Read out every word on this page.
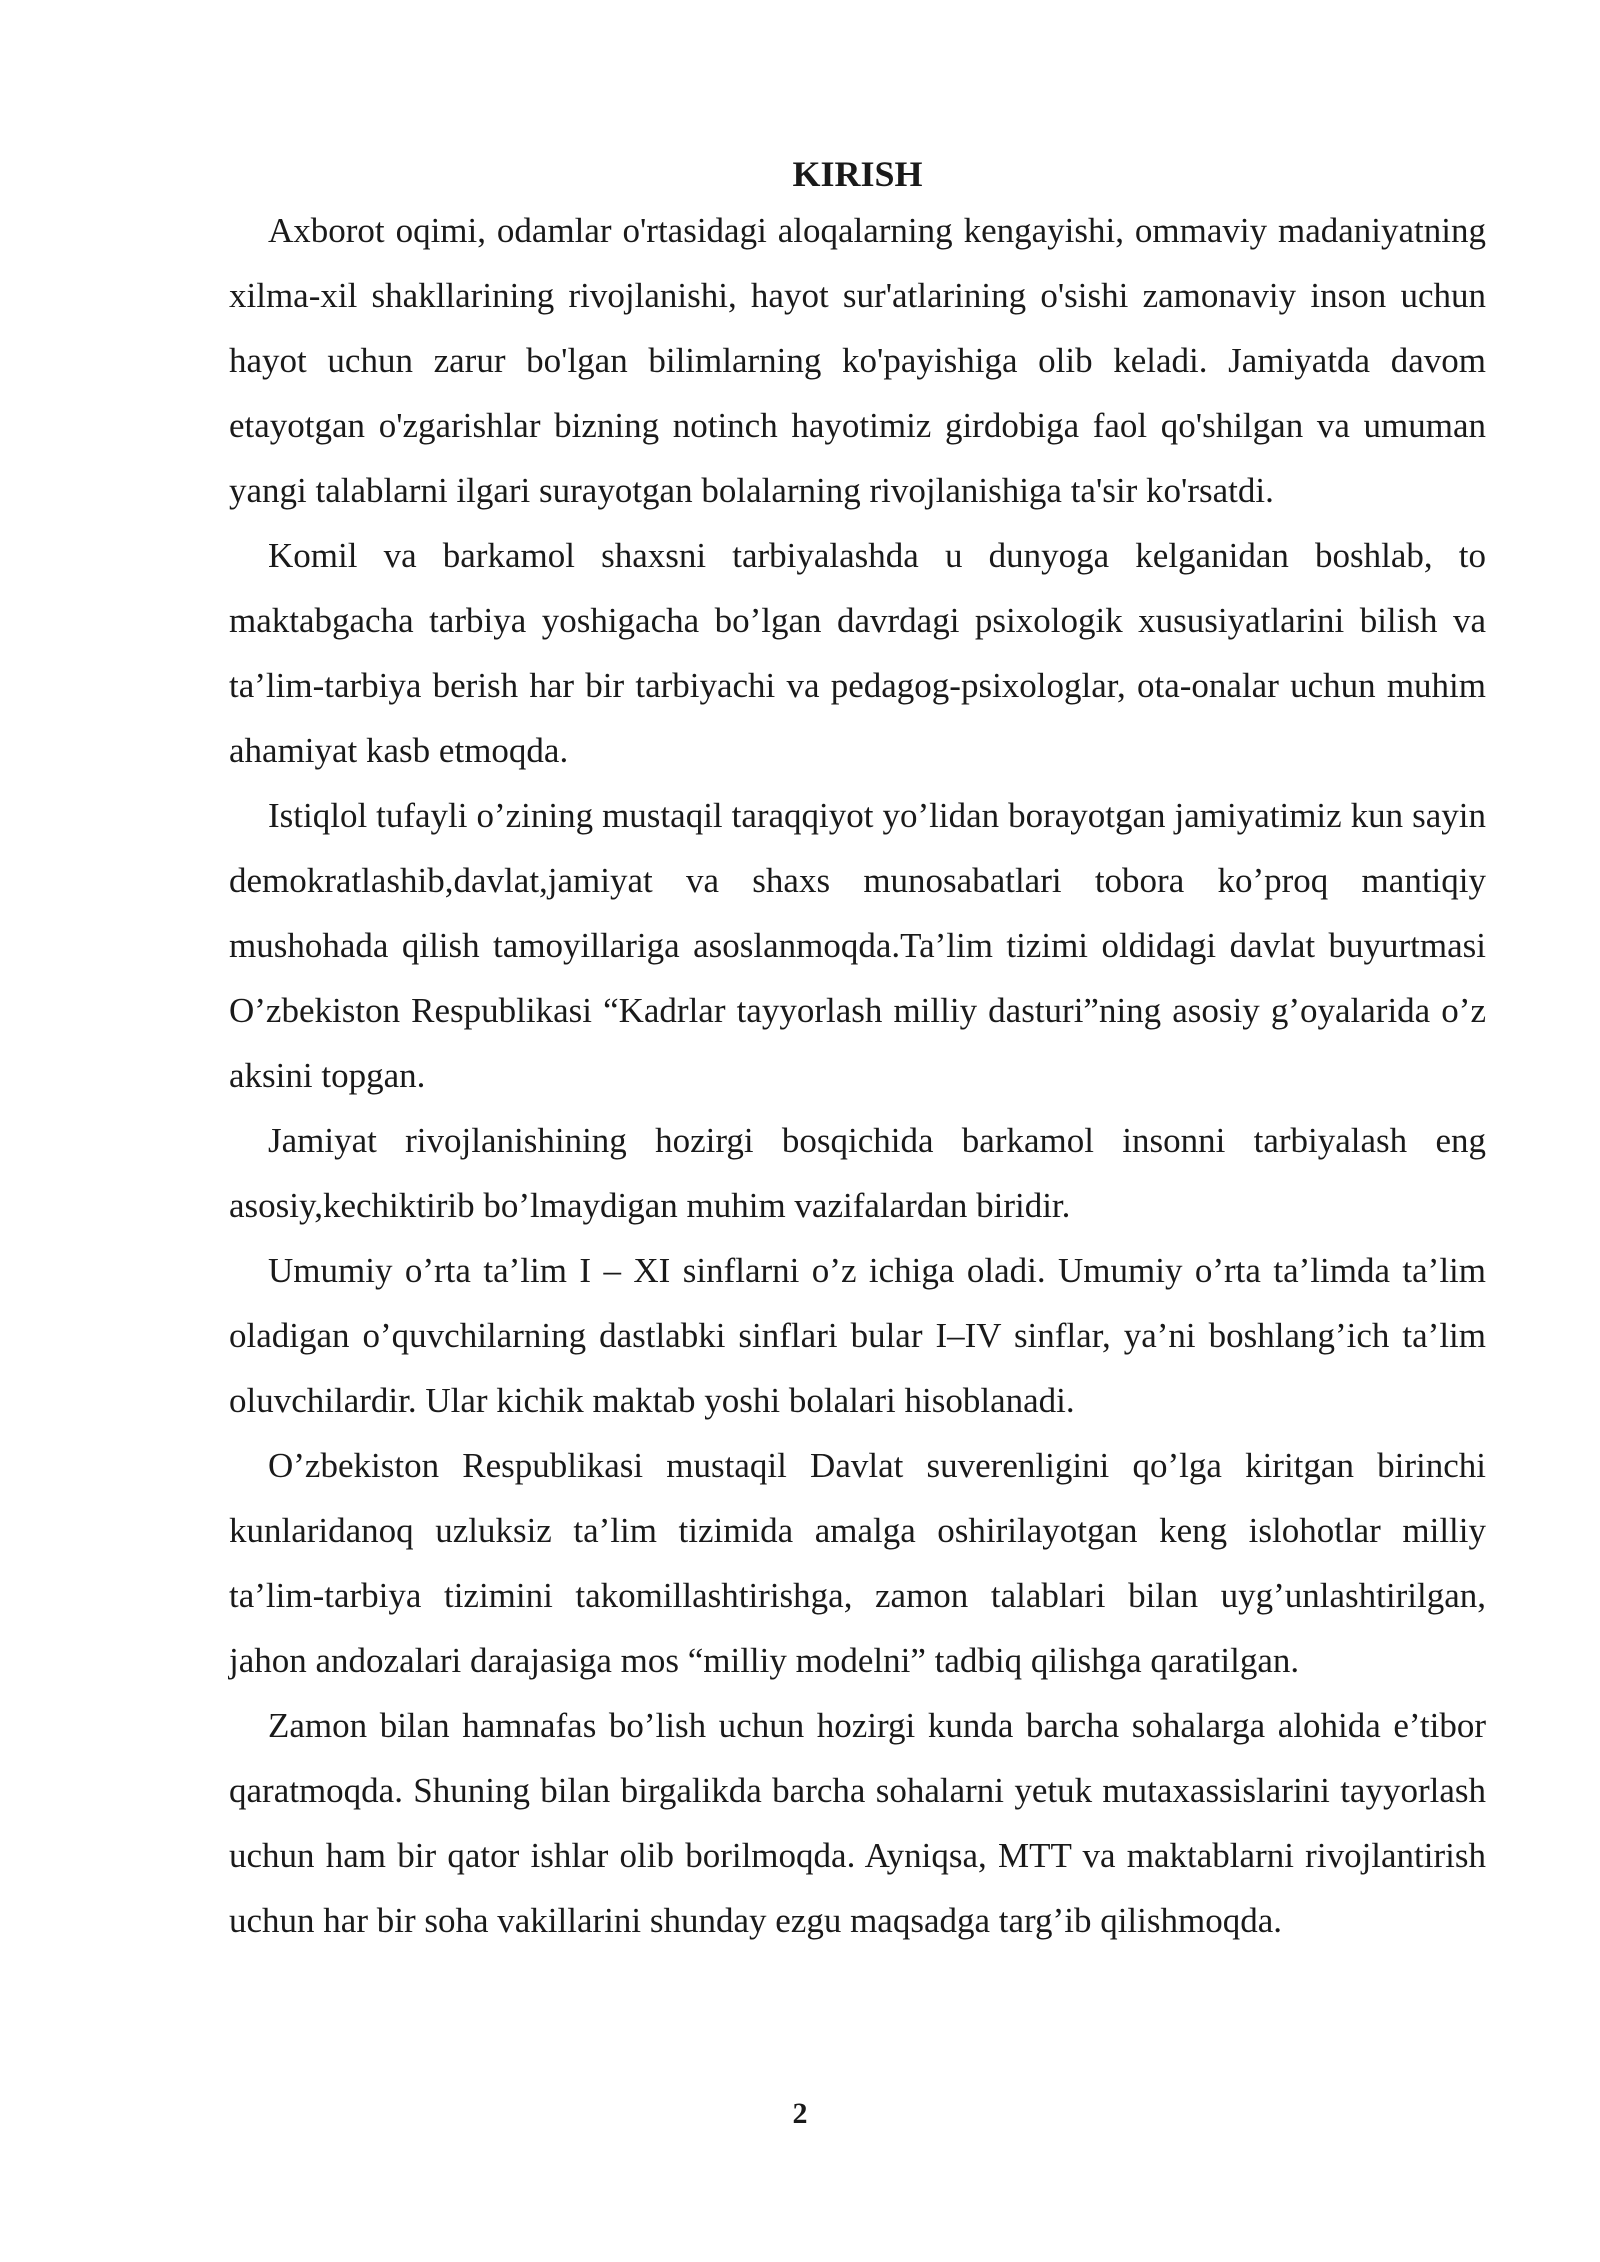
KIRISH

Axborot oqimi, odamlar o'rtasidagi aloqalarning kengayishi, ommaviy madaniyatning xilma-xil shakllarining rivojlanishi, hayot sur'atlarining o'sishi zamonaviy inson uchun hayot uchun zarur bo'lgan bilimlarning ko'payishiga olib keladi. Jamiyatda davom etayotgan o'zgarishlar bizning notinch hayotimiz girdobiga faol qo'shilgan va umuman yangi talablarni ilgari surayotgan bolalarning rivojlanishiga ta'sir ko'rsatdi.

Komil va barkamol shaxsni tarbiyalashda u dunyoga kelganidan boshlab, to maktabgacha tarbiya yoshigacha bo’lgan davrdagi psixologik xususiyatlarini bilish va ta’lim-tarbiya berish har bir tarbiyachi va pedagog-psixologlar, ota-onalar uchun muhim ahamiyat kasb etmoqda.

Istiqlol tufayli o’zining mustaqil taraqqiyot yo’lidan borayotgan jamiyatimiz kun sayin demokratlashib,davlat,jamiyat va shaxs munosabatlari tobora ko’proq mantiqiy mushohada qilish tamoyillariga asoslanmoqda.Ta’lim tizimi oldidagi davlat buyurtmasi O’zbekiston Respublikasi “Kadrlar tayyorlash milliy dasturi”ning asosiy g’oyalarida o’z aksini topgan.

Jamiyat rivojlanishining hozirgi bosqichida barkamol insonni tarbiyalash eng asosiy,kechiktirib bo’lmaydigan muhim vazifalardan biridir.

Umumiy o’rta ta’lim I – XI sinflarni o’z ichiga oladi. Umumiy o’rta ta’limda ta’lim oladigan o’quvchilarning dastlabki sinflari bular I–IV sinflar, ya’ni boshlang’ich ta’lim oluvchilardir. Ular kichik maktab yoshi bolalari hisoblanadi.

O’zbekiston Respublikasi mustaqil Davlat suverenligini qo’lga kiritgan birinchi kunlaridanoq uzluksiz ta’lim tizimida amalga oshirilayotgan keng islohotlar milliy ta’lim-tarbiya tizimini takomillashtirishga, zamon talablari bilan uyg’unlashtirilgan, jahon andozalari darajasiga mos “milliy modelni” tadbiq qilishga qaratilgan.

Zamon bilan hamnafas bo’lish uchun hozirgi kunda barcha sohalarga alohida e’tibor qaratmoqda. Shuning bilan birgalikda barcha sohalarni yetuk mutaxassislarini tayyorlash uchun ham bir qator ishlar olib borilmoqda. Ayniqsa, MTT va maktablarni rivojlantirish uchun har bir soha vakillarini shunday ezgu maqsadga targ’ib qilishmoqda.

2
